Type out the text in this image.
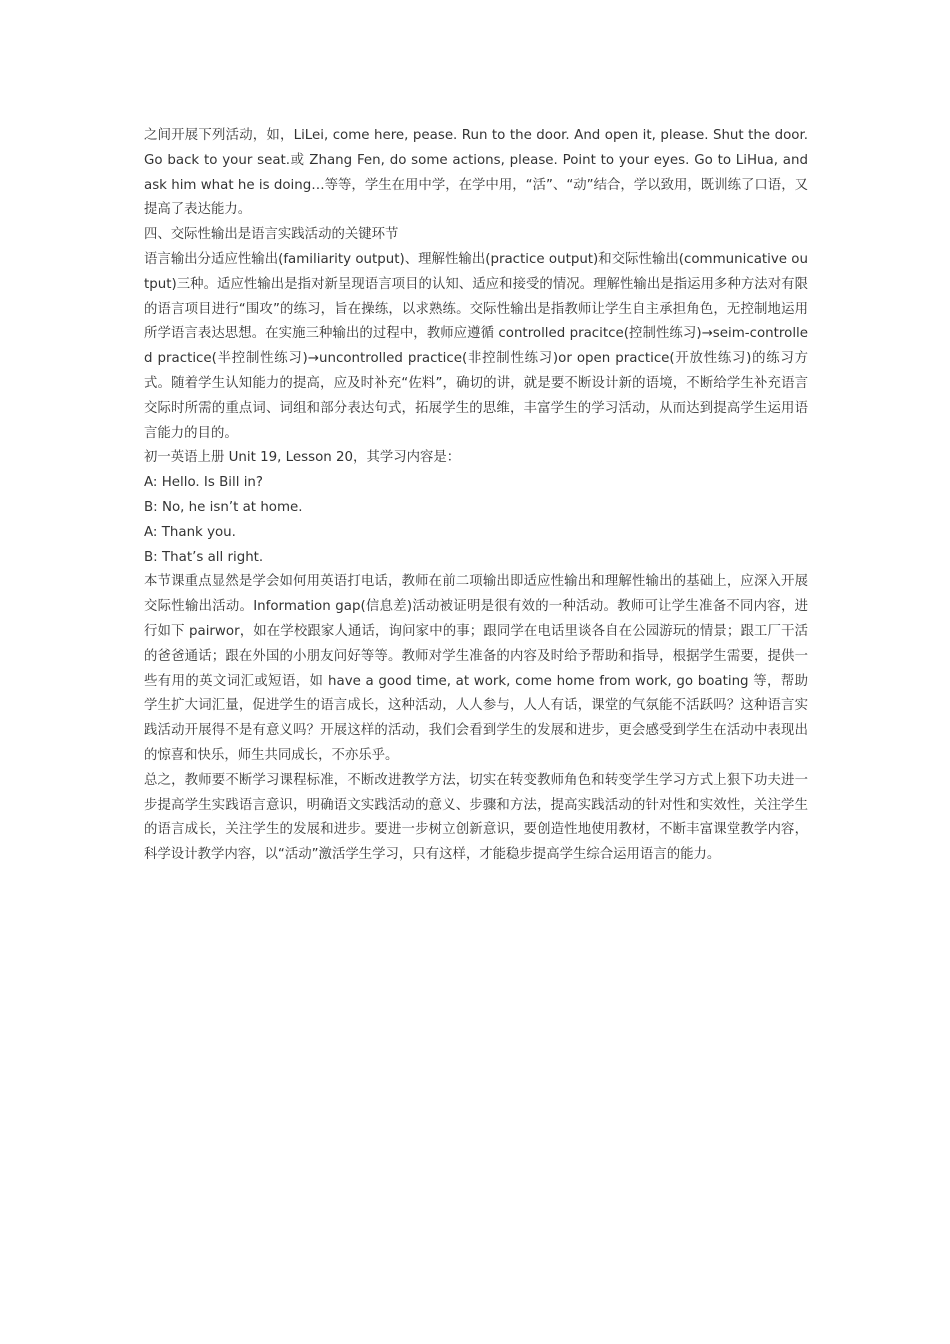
之间开展下列活动，如，LiLei, come here, pease. Run to the door. And open it, please. Shut the door. Go back to your seat.或 Zhang Fen, do some actions, please. Point to your eyes. Go to LiHua, and ask him what he is doing…等等，学生在用中学，在学中用，“活”、“动”结合，学以致用，既训练了口语，又提高了表达能力。

四、交际性输出是语言实践活动的关键环节

语言输出分适应性输出(familiarity output)、理解性输出(practice output)和交际性输出(communicative output)三种。适应性输出是指对新呈现语言项目的认知、适应和接受的情况。理解性输出是指运用多种方法对有限的语言项目进行“围攻”的练习，旨在操练，以求熟练。交际性输出是指教师让学生自主承担角色，无控制地运用所学语言表达思想。在实施三种输出的过程中，教师应遵循 controlled pracitce(控制性练习)→seim-controlled practice(半控制性练习)→uncontrolled practice(非控制性练习)or open practice(开放性练习)的练习方式。随着学生认知能力的提高，应及时补充“佐料”，确切的讲，就是要不断设计新的语境，不断给学生补充语言交际时所需的重点词、词组和部分表达句式，拓展学生的思维，丰富学生的学习活动，从而达到提高学生运用语言能力的目的。

初一英语上册 Unit 19, Lesson 20，其学习内容是：

A: Hello. Is Bill in?

B: No, he isn’t at home.

A: Thank you.

B: That’s all right.

本节课重点显然是学会如何用英语打电话，教师在前二项输出即适应性输出和理解性输出的基础上，应深入开展交际性输出活动。Information gap(信息差)活动被证明是很有效的一种活动。教师可让学生准备不同内容，进行如下 pairwor，如在学校跟家人通话，询问家中的事；跟同学在电话里谈各自在公园游玩的情景；跟工厂干活的爸爸通话；跟在外国的小朋友问好等等。教师对学生准备的内容及时给予帮助和指导，根据学生需要，提供一些有用的英文词汇或短语，如 have a good time, at work, come home from work, go boating 等，帮助学生扩大词汇量，促进学生的语言成长，这种活动，人人参与，人人有话，课堂的气氛能不活跃吗？这种语言实践活动开展得不是有意义吗？开展这样的活动，我们会看到学生的发展和进步，更会感受到学生在活动中表现出的惊喜和快乐，师生共同成长，不亦乐乎。

总之，教师要不断学习课程标准，不断改进教学方法，切实在转变教师角色和转变学生学习方式上狠下功夫进一步提高学生实践语言意识，明确语文实践活动的意义、步骤和方法，提高实践活动的针对性和实效性，关注学生的语言成长，关注学生的发展和进步。要进一步树立创新意识，要创造性地使用教材，不断丰富课堂教学内容，科学设计教学内容，以“活动”激活学生学习，只有这样，才能稳步提高学生综合运用语言的能力。
